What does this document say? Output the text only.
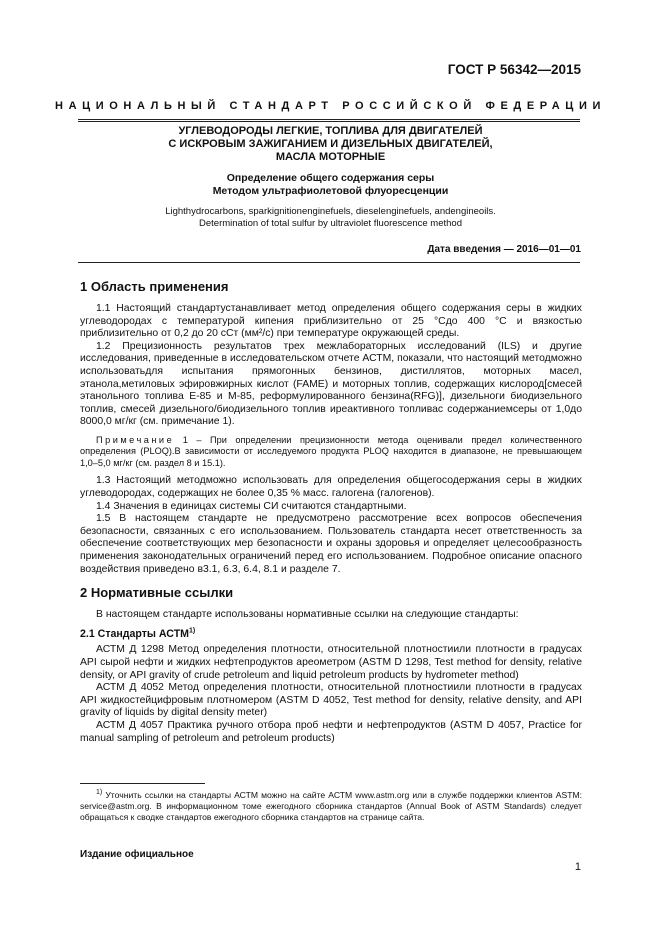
ГОСТ Р 56342—2015
НАЦИОНАЛЬНЫЙ СТАНДАРТ РОССИЙСКОЙ ФЕДЕРАЦИИ
УГЛЕВОДОРОДЫ ЛЕГКИЕ, ТОПЛИВА ДЛЯ ДВИГАТЕЛЕЙ
С ИСКРОВЫМ ЗАЖИГАНИЕМ И ДИЗЕЛЬНЫХ ДВИГАТЕЛЕЙ,
МАСЛА МОТОРНЫЕ
Определение общего содержания серы
Методом ультрафиолетовой флуоресценции
Lighthydrocarbons, sparkignitionenginefuels, dieselenginefuels, andengineoils.
Determination of total sulfur by ultraviolet fluorescence method
Дата введения — 2016—01—01
1 Область применения

1.1 Настоящий стандартустанавливает метод определения общего содержания серы в жидких углеводородах с температурой кипения приблизительно от 25 °Сдо 400 °С и вязкостью приблизительно от 0,2 до 20 сСт (мм²/с) при температуре окружающей среды.

1.2 Прецизионность результатов трех межлабораторных исследований (ILS) и другие исследования, приведенные в исследовательском отчете АСТМ, показали, что настоящий методможно использоватьдля испытания прямогонных бензинов, дистиллятов, моторных масел, этанола,метиловых эфировжирных кислот (FAME) и моторных топлив, содержащих кислород[смесей этанольного топлива Е-85 и М-85, реформулированного бензина(RFG)], дизельноги биодизельного топлив, смесей дизельного/биодизельного топлив иреактивного топливас содержаниемсеры от 1,0до 8000,0 мг/кг (см. примечание 1).

Примечание 1 – При определении прецизионности метода оценивали предел количественного определения (PLOQ).В зависимости от исследуемого продукта PLOQ находится в диапазоне, не превышающем 1,0–5,0 мг/кг (см. раздел 8 и 15.1).

1.3 Настоящий методможно использовать для определения общегосодержания серы в жидких углеводородах, содержащих не более 0,35 % масс. галогена (галогенов).

1.4 Значения в единицах системы СИ считаются стандартными.

1.5 В настоящем стандарте не предусмотрено рассмотрение всех вопросов обеспечения безопасности, связанных с его использованием. Пользователь стандарта несет ответственность за обеспечение соответствующих мер безопасности и охраны здоровья и определяет целесообразность применения законодательных ограничений перед его использованием. Подробное описание опасного воздействия приведено в3.1, 6.3, 6.4, 8.1 и разделе 7.

2 Нормативные ссылки

В настоящем стандарте использованы нормативные ссылки на следующие стандарты:

2.1 Стандарты АСТМ$^{1)}$

АСТМ Д 1298 Метод определения плотности, относительной плотностиили плотности в градусах API сырой нефти и жидких нефтепродуктов ареометром (ASTM D 1298, Test method for density, relative density, or API gravity of crude petroleum and liquid petroleum products by hydrometer method)

АСТМ Д 4052 Метод определения плотности, относительной плотностиили плотности в градусах API жидкостейцифровым плотномером (ASTM D 4052, Test method for density, relative density, and API gravity of liquids by digital density meter)

АСТМ Д 4057 Практика ручного отбора проб нефти и нефтепродуктов (ASTM D 4057, Practice for manual sampling of petroleum and petroleum products)

$^{1)}$ Уточнить ссылки на стандарты АСТМ можно на сайте АСТМ www.astm.org или в службе поддержки клиентов ASTM: service@astm.org. В информационном томе ежегодного сборника стандартов (Annual Book of ASTM Standards) следует обращаться к сводке стандартов ежегодного сборника стандартов на странице сайта.

Издание официальное
1
